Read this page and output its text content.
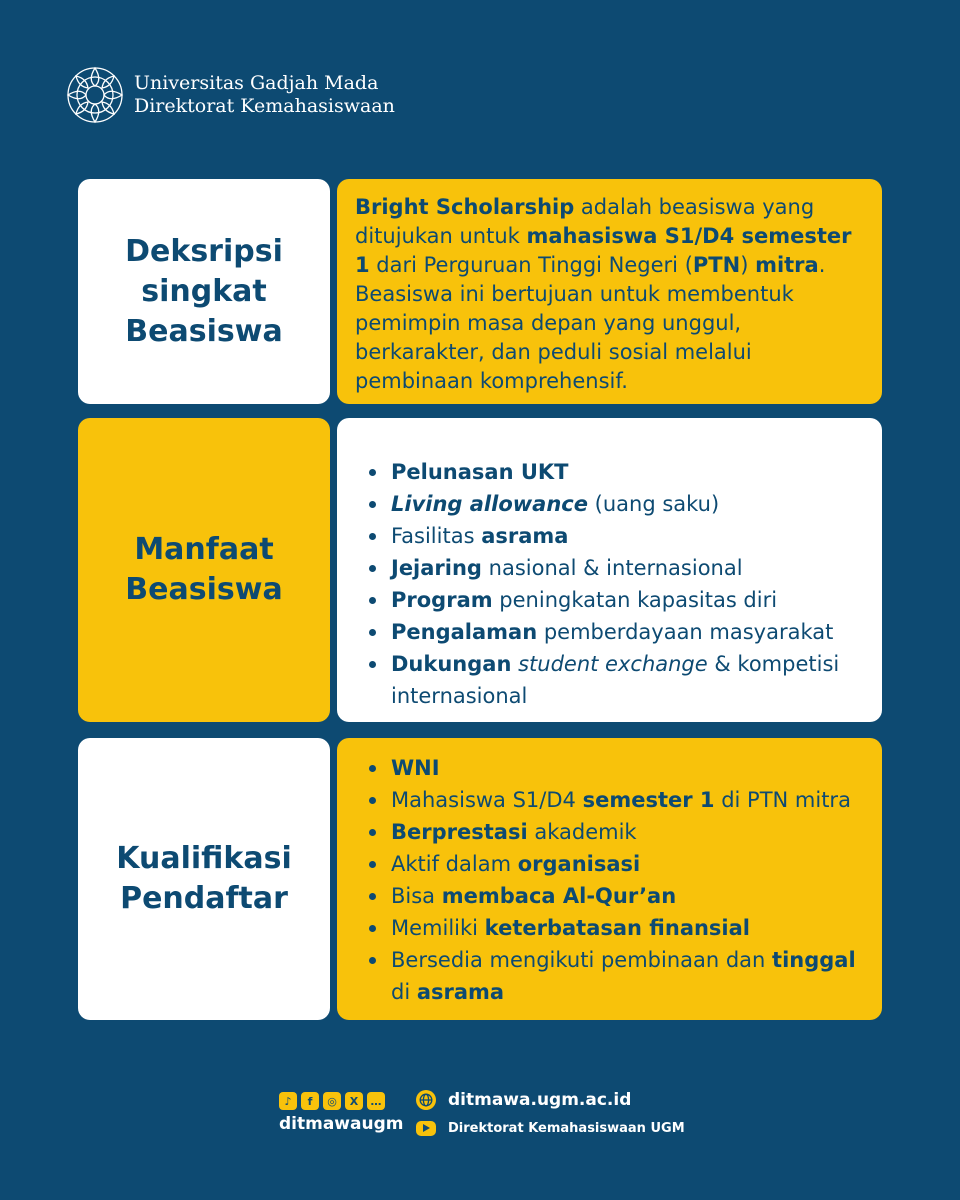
Universitas Gadjah Mada
Direktorat Kemahasiswaan
Deksripsi singkat Beasiswa
Bright Scholarship adalah beasiswa yang ditujukan untuk mahasiswa S1/D4 semester 1 dari Perguruan Tinggi Negeri (PTN) mitra. Beasiswa ini bertujuan untuk membentuk pemimpin masa depan yang unggul, berkarakter, dan peduli sosial melalui pembinaan komprehensif.
Manfaat Beasiswa
Pelunasan UKT
Living allowance (uang saku)
Fasilitas asrama
Jejaring nasional & internasional
Program peningkatan kapasitas diri
Pengalaman pemberdayaan masyarakat
Dukungan student exchange & kompetisi internasional
Kualifikasi Pendaftar
WNI
Mahasiswa S1/D4 semester 1 di PTN mitra
Berprestasi akademik
Aktif dalam organisasi
Bisa membaca Al-Qur’an
Memiliki keterbatasan finansial
Bersedia mengikuti pembinaan dan tinggal di asrama
♪	f	◎	X	…
ditmawaugm
ditmawa.ugm.ac.id
Direktorat Kemahasiswaan UGM
